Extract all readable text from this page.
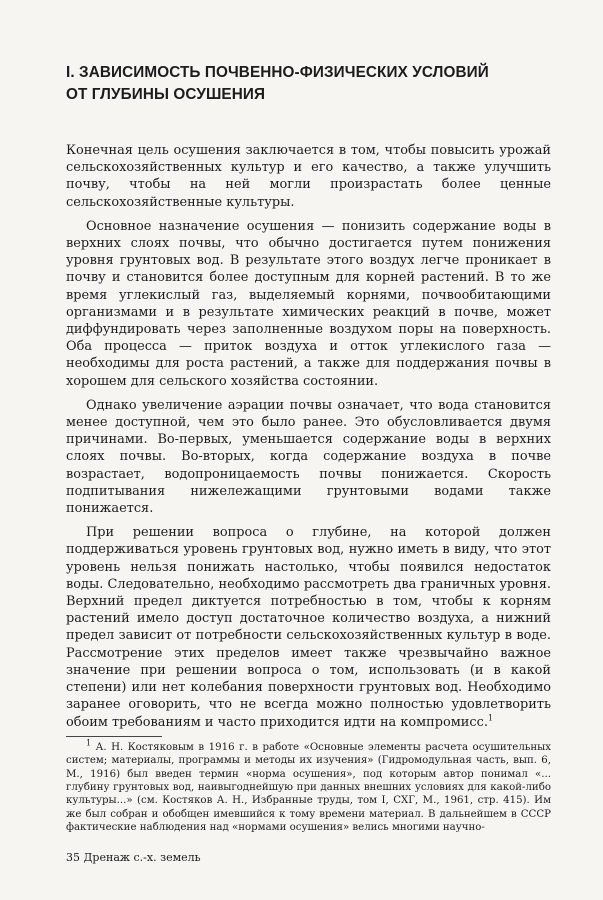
I. ЗАВИСИМОСТЬ ПОЧВЕННО-ФИЗИЧЕСКИХ УСЛОВИЙ
ОТ ГЛУБИНЫ ОСУШЕНИЯ

Конечная цель осушения заключается в том, чтобы повысить урожай сельскохозяйственных культур и его качество, а также улучшить почву, чтобы на ней могли произрастать более ценные сельскохозяйственные культуры.

Основное назначение осушения — понизить содержание воды в верхних слоях почвы, что обычно достигается путем понижения уровня грунтовых вод. В результате этого воздух легче проникает в почву и становится более доступным для корней растений. В то же время углекислый газ, выделяемый корнями, почвообитающими организмами и в результате химических реакций в почве, может диффундировать через заполненные воздухом поры на поверхность. Оба процесса — приток воздуха и отток углекислого газа — необходимы для роста растений, а также для поддержания почвы в хорошем для сельского хозяйства состоянии.

Однако увеличение аэрации почвы означает, что вода становится менее доступной, чем это было ранее. Это обусловливается двумя причинами. Во-первых, уменьшается содержание воды в верхних слоях почвы. Во-вторых, когда содержание воздуха в почве возрастает, водопроницаемость почвы понижается. Скорость подпитывания нижележащими грунтовыми водами также понижается.

При решении вопроса о глубине, на которой должен поддерживаться уровень грунтовых вод, нужно иметь в виду, что этот уровень нельзя понижать настолько, чтобы появился недостаток воды. Следовательно, необходимо рассмотреть два граничных уровня. Верхний предел диктуется потребностью в том, чтобы к корням растений имело доступ достаточное количество воздуха, а нижний предел зависит от потребности сельскохозяйственных культур в воде. Рассмотрение этих пределов имеет также чрезвычайно важное значение при решении вопроса о том, использовать (и в какой степени) или нет колебания поверхности грунтовых вод. Необходимо заранее оговорить, что не всегда можно полностью удовлетворить обоим требованиям и часто приходится идти на компромисс.$^1$

$^1$ А. Н. Костяковым в 1916 г. в работе «Основные элементы расчета осушительных систем; материалы, программы и методы их изучения» (Гидромодульная часть, вып. 6, М., 1916) был введен термин «норма осушения», под которым автор понимал «... глубину грунтовых вод, наивыгоднейшую при данных внешних условиях для какой-либо культуры...» (см. Костяков А. Н., Избранные труды, том I, СХГ, М., 1961, стр. 415). Им же был собран и обобщен имевшийся к тому времени материал. В дальнейшем в СССР фактические наблюдения над «нормами осушения» велись многими научно-

35 Дренаж с.-х. земель
